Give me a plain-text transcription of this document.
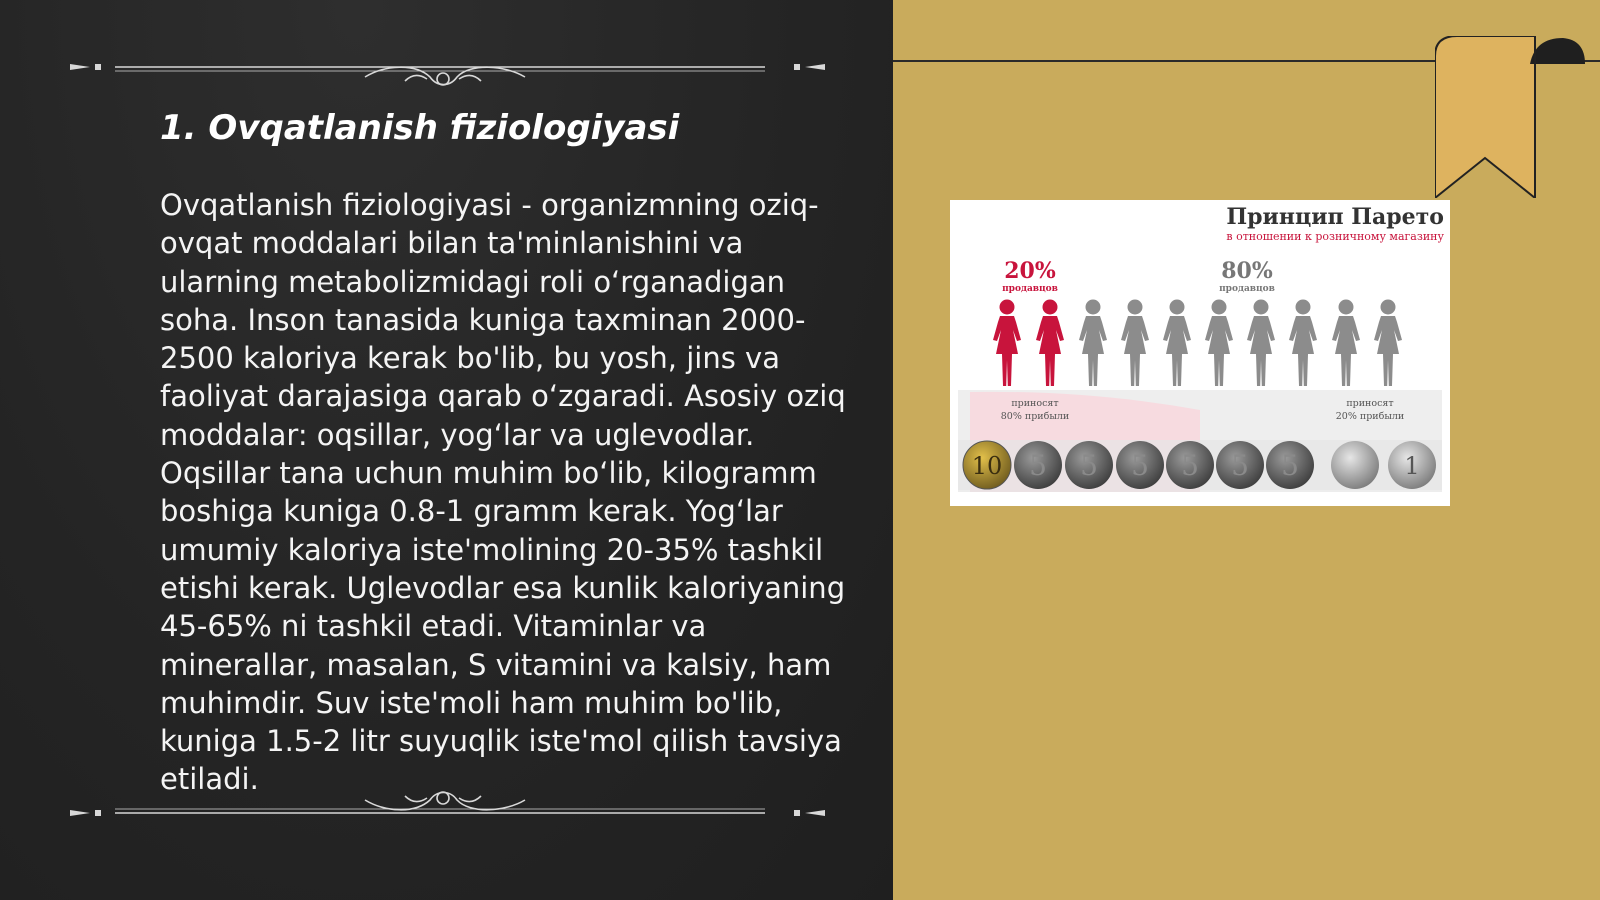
1. Ovqatlanish fiziologiyasi

Ovqatlanish fiziologiyasi - organizmning oziq-ovqat moddalari bilan ta'minlanishini va ularning metabolizmidagi roli o‘rganadigan soha. Inson tanasida kuniga taxminan 2000-2500 kaloriya kerak bo'lib, bu yosh, jins va faoliyat darajasiga qarab o‘zgaradi. Asosiy oziq moddalar: oqsillar, yog‘lar va uglevodlar. Oqsillar tana uchun muhim bo‘lib, kilogramm boshiga kuniga 0.8-1 gramm kerak. Yog‘lar umumiy kaloriya iste'molining 20-35% tashkil etishi kerak. Uglevodlar esa kunlik kaloriyaning 45-65% ni tashkil etadi. Vitaminlar va minerallar, masalan, S vitamini va kalsiy, ham muhimdir. Suv iste'moli ham muhim bo'lib, kuniga 1.5-2 litr suyuqlik iste'mol qilish tavsiya etiladi.

Принцип Парето
в отношении к розничному магазину
20%
продавцов
80%
продавцов
приносят
80% прибыли
приносят
20% прибыли
10 5 5 5 5 5 5	1
